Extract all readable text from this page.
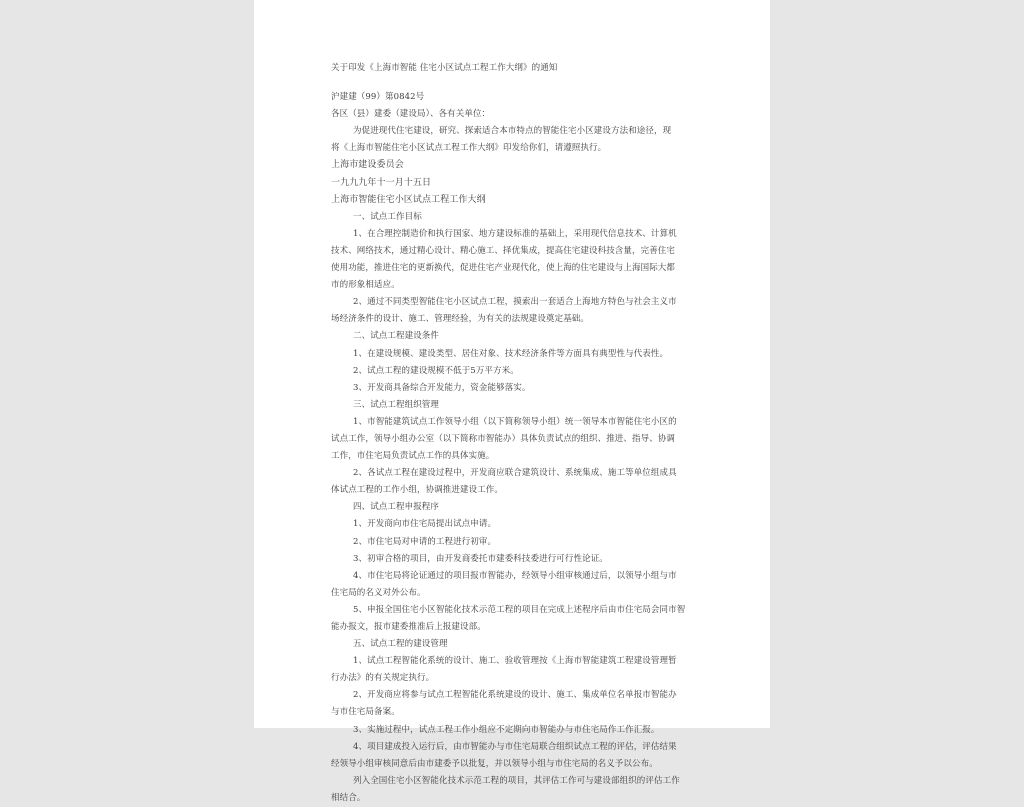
关于印发《上海市智能 住宅小区试点工程工作大纲》的通知
沪建建（99）第0842号
各区（县）建委（建设局）、各有关单位：
为促进现代住宅建设，研究、探索适合本市特点的智能住宅小区建设方法和途径，现
将《上海市智能住宅小区试点工程工作大纲》印发给你们，请遵照执行。
上海市建设委员会
一九九九年十一月十五日
上海市智能住宅小区试点工程工作大纲
一、试点工作目标
1、在合理控制造价和执行国家、地方建设标准的基础上，采用现代信息技术、计算机
技术、网络技术，通过精心设计、精心施工、择优集成，提高住宅建设科技含量，完善住宅
使用功能，推进住宅的更新换代，促进住宅产业现代化，使上海的住宅建设与上海国际大都
市的形象相适应。
2、通过不同类型智能住宅小区试点工程，摸索出一套适合上海地方特色与社会主义市
场经济条件的设计、施工、管理经验，为有关的法规建设奠定基础。
二、试点工程建设条件
1、在建设规模、建设类型、居住对象、技术经济条件等方面具有典型性与代表性。
2、试点工程的建设规模不低于5万平方米。
3、开发商具备综合开发能力，资金能够落实。
三、试点工程组织管理
1、市智能建筑试点工作领导小组（以下简称领导小组）统一领导本市智能住宅小区的
试点工作，领导小组办公室（以下简称市智能办）具体负责试点的组织、推进、指导、协调
工作，市住宅局负责试点工作的具体实施。
2、各试点工程在建设过程中，开发商应联合建筑设计、系统集成、施工等单位组成具
体试点工程的工作小组，协调推进建设工作。
四、试点工程申报程序
1、开发商向市住宅局提出试点申请。
2、市住宅局对申请的工程进行初审。
3、初审合格的项目，由开发商委托市建委科技委进行可行性论证。
4、市住宅局将论证通过的项目报市智能办，经领导小组审核通过后，以领导小组与市
住宅局的名义对外公布。
5、申报全国住宅小区智能化技术示范工程的项目在完成上述程序后由市住宅局会同市智
能办报文，报市建委推准后上报建设部。
五、试点工程的建设管理
1、试点工程智能化系统的设计、施工、验收管理按《上海市智能建筑工程建设管理暂
行办法》的有关规定执行。
2、开发商应将参与试点工程智能化系统建设的设计、施工、集成单位名单报市智能办
与市住宅局备案。
3、实施过程中，试点工程工作小组应不定期向市智能办与市住宅局作工作汇报。
4、项目建成投入运行后，由市智能办与市住宅局联合组织试点工程的评估，评估结果
经领导小组审核同意后由市建委予以批复，并以领导小组与市住宅局的名义予以公布。
列入全国住宅小区智能化技术示范工程的项目，其评估工作可与建设部组织的评估工作
相结合。
